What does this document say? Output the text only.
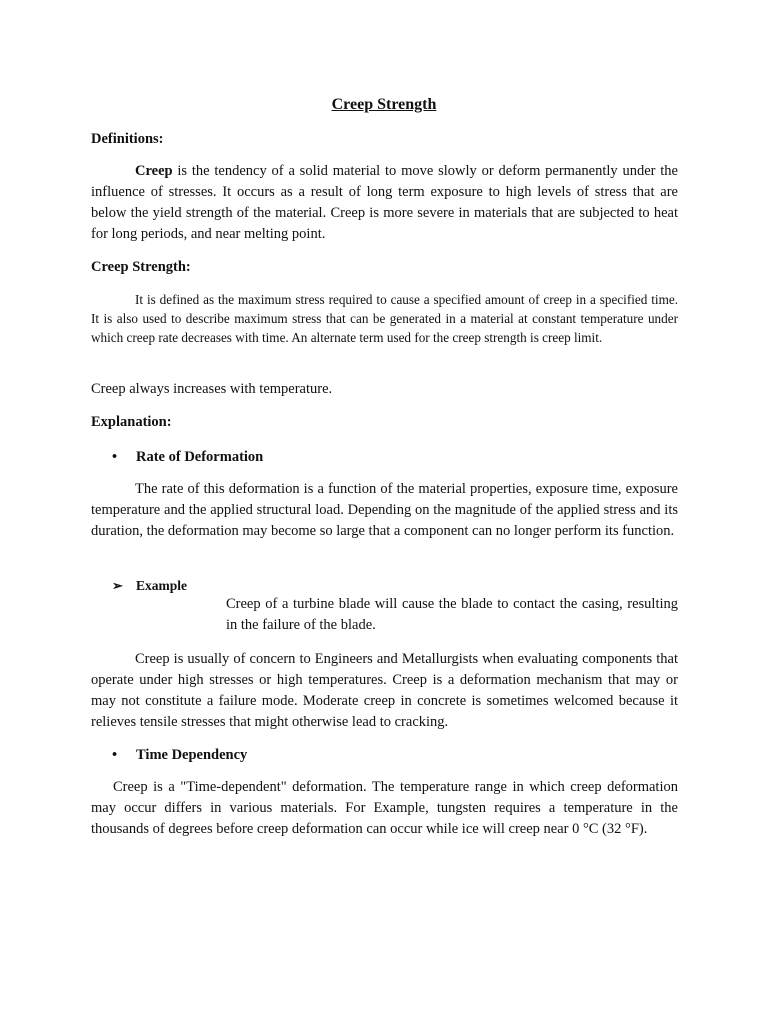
Creep Strength
Definitions:
Creep is the tendency of a solid material to move slowly or deform permanently under the influence of stresses. It occurs as a result of long term exposure to high levels of stress that are below the yield strength of the material. Creep is more severe in materials that are subjected to heat for long periods, and near melting point.
Creep Strength:
It is defined as the maximum stress required to cause a specified amount of creep in a specified time. It is also used to describe maximum stress that can be generated in a material at constant temperature under which creep rate decreases with time. An alternate term used for the creep strength is creep limit.
Creep always increases with temperature.
Explanation:
• Rate of Deformation
The rate of this deformation is a function of the material properties, exposure time, exposure temperature and the applied structural load. Depending on the magnitude of the applied stress and its duration, the deformation may become so large that a component can no longer perform its function.
➢ Example
Creep of a turbine blade will cause the blade to contact the casing, resulting in the failure of the blade.
Creep is usually of concern to Engineers and Metallurgists when evaluating components that operate under high stresses or high temperatures. Creep is a deformation mechanism that may or may not constitute a failure mode. Moderate creep in concrete is sometimes welcomed because it relieves tensile stresses that might otherwise lead to cracking.
• Time Dependency
Creep is a "Time-dependent" deformation. The temperature range in which creep deformation may occur differs in various materials. For Example, tungsten requires a temperature in the thousands of degrees before creep deformation can occur while ice will creep near 0 °C (32 °F).
